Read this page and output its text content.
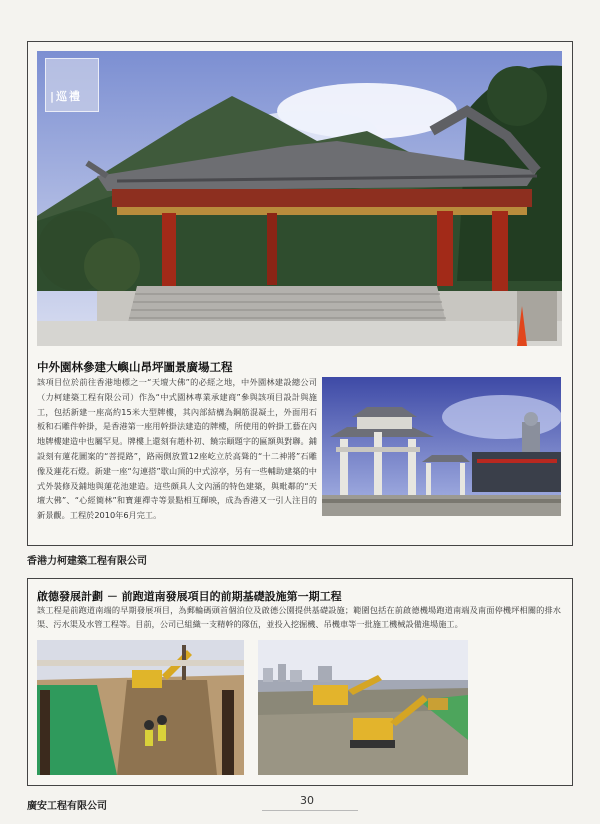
|巡禮
中外園林參建大嶼山昂坪圖景廣場工程

該項目位於前往香港地標之一“天壇大佛”的必經之地，中外園林建設總公司（力柯建築工程有限公司）作為“中式園林專業承建商”參與該項目設計與施工，包括新建一座高約15米大型牌樓，其內部結構為鋼筋混凝土，外面用石板和石雕件幹掛，是香港第一座用幹掛法建造的牌樓，所使用的幹掛工藝在內地牌樓建造中也屬罕見。牌樓上還刻有趙朴初、饒宗頤題字的匾額與對聯。鋪設刻有蓮花圖案的“菩提路”，路兩側放置12座屹立於高聳的“十二神將”石雕像及蓮花石燈。新建一座“勾連搭”歇山頂的中式涼亭，另有一些輔助建築的中式外裝修及鋪地與蓮花池建造。這些頗具人文內涵的特色建築，與毗鄰的“天壇大佛”、“心經簡林”和寶蓮禪寺等景點相互輝映，成為香港又一引人注目的新景觀。工程於2010年6月完工。

香港力柯建築工程有限公司
啟德發展計劃 － 前跑道南發展項目的前期基礎設施第一期工程

該工程是前跑道南端的早期發展項目，為郵輪碼頭首個泊位及啟德公園提供基礎設施；範圍包括在前啟德機場跑道南端及南面停機坪相關的排水渠、污水渠及水管工程等。目前，公司已組織一支精幹的隊伍，並投入挖掘機、吊機車等一批施工機械設備進場施工。

廣安工程有限公司	30
